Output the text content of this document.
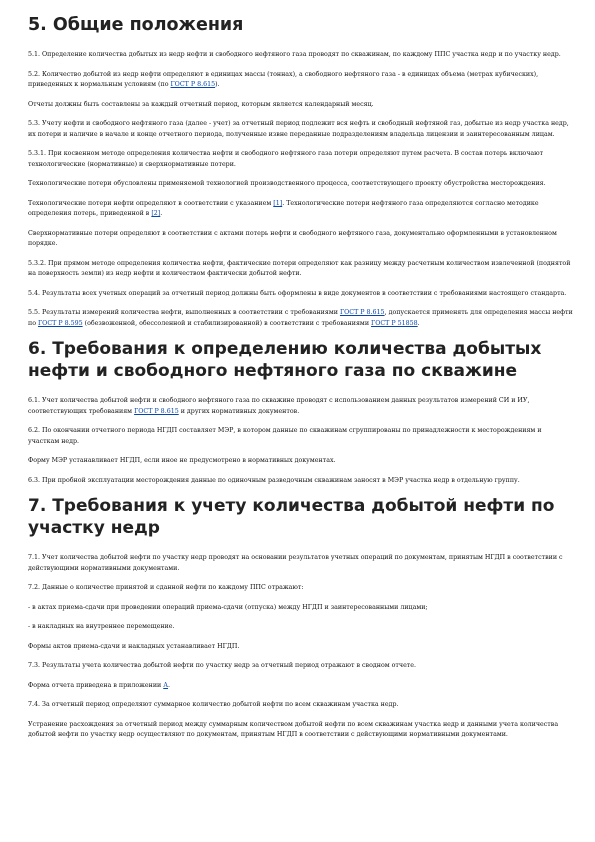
5. Общие положения

5.1. Определение количества добытых из недр нефти и свободного нефтяного газа проводят по скважинам, по каждому ППС участка недр и по участку недр.

5.2. Количество добытой из недр нефти определяют в единицах массы (тоннах), а свободного нефтяного газа - в единицах объема (метрах кубических), приведенных к нормальным условиям (по ГОСТ Р 8.615).

Отчеты должны быть составлены за каждый отчетный период, которым является календарный месяц.

5.3. Учету нефти и свободного нефтяного газа (далее - учет) за отчетный период подлежит вся нефть и свободный нефтяной газ, добытые из недр участка недр, их потери и наличие в начале и конце отчетного периода, полученные извне переданные подразделениям владельца лицензии и заинтересованным лицам.

5.3.1. При косвенном методе определения количества нефти и свободного нефтяного газа потери определяют путем расчета. В состав потерь включают технологические (нормативные) и сверхнормативные потери.

Технологические потери обусловлены применяемой технологией производственного процесса, соответствующего проекту обустройства месторождения.

Технологические потери нефти определяют в соответствии с указанием [1]. Технологические потери нефтяного газа определяются согласно методике определения потерь, приведенной в [2].

Сверхнормативные потери определяют в соответствии с актами потерь нефти и свободного нефтяного газа, документально оформленными в установленном порядке.

5.3.2. При прямом методе определения количества нефти, фактические потери определяют как разницу между расчетным количеством извлеченной (поднятой на поверхность земли) из недр нефти и количеством фактически добытой нефти.

5.4. Результаты всех учетных операций за отчетный период должны быть оформлены в виде документов в соответствии с требованиями настоящего стандарта.

5.5. Результаты измерений количества нефти, выполненных в соответствии с требованиями ГОСТ Р 8.615, допускается применять для определения массы нефти по ГОСТ Р 8.595 (обезвоженной, обессоленной и стабилизированной) в соответствии с требованиями ГОСТ Р 51858.

6. Требования к определению количества добытых нефти и свободного нефтяного газа по скважине

6.1. Учет количества добытой нефти и свободного нефтяного газа по скважине проводят с использованием данных результатов измерений СИ и ИУ, соответствующих требованиям ГОСТ Р 8.615 и других нормативных документов.

6.2. По окончании отчетного периода НГДП составляет МЭР, в котором данные по скважинам сгруппированы по принадлежности к месторождениям и участкам недр.

Форму МЭР устанавливает НГДП, если иное не предусмотрено в нормативных документах.

6.3. При пробной эксплуатации месторождения данные по одиночным разведочным скважинам заносят в МЭР участка недр в отдельную группу.

7. Требования к учету количества добытой нефти по участку недр

7.1. Учет количества добытой нефти по участку недр проводят на основании результатов учетных операций по документам, принятым НГДП в соответствии с действующими нормативными документами.

7.2. Данные о количестве принятой и сданной нефти по каждому ППС отражают:

- в актах приема-сдачи при проведении операций приема-сдачи (отпуска) между НГДП и заинтересованными лицами;

- в накладных на внутреннее перемещение.

Формы актов приема-сдачи и накладных устанавливает НГДП.

7.3. Результаты учета количества добытой нефти по участку недр за отчетный период отражают в сводном отчете.

Форма отчета приведена в приложении А.

7.4. За отчетный период определяют суммарное количество добытой нефти по всем скважинам участка недр.

Устранение расхождения за отчетный период между суммарным количеством добытой нефти по всем скважинам участка недр и данными учета количества добытой нефти по участку недр осуществляют по документам, принятым НГДП в соответствии с действующими нормативными документами.
